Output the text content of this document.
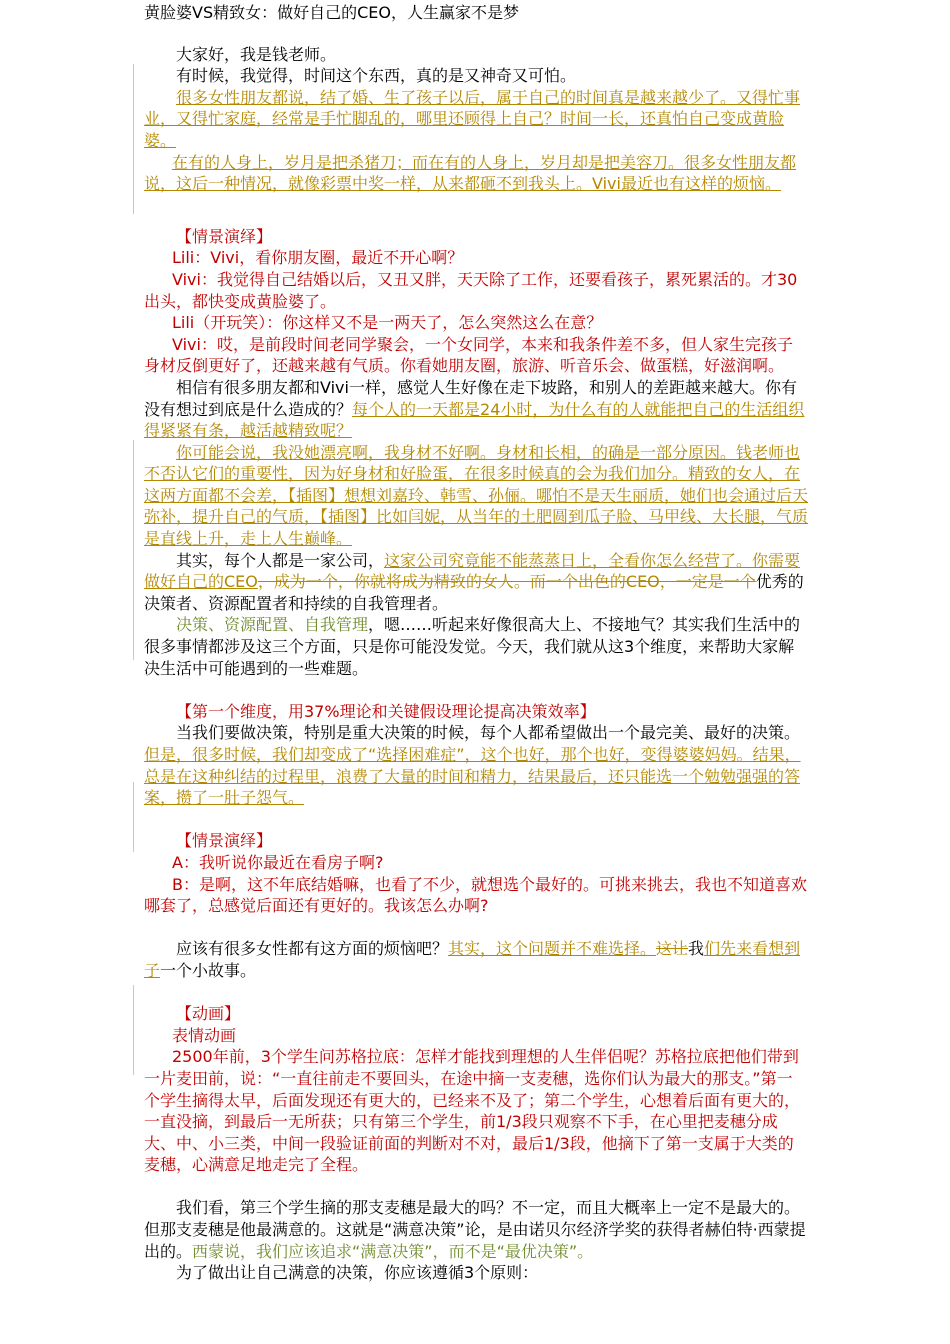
黄脸婆VS精致女：做好自己的CEO，人生赢家不是梦

大家好，我是钱老师。

有时候，我觉得，时间这个东西，真的是又神奇又可怕。

很多女性朋友都说，结了婚、生了孩子以后，属于自己的时间真是越来越少了。又得忙事业，又得忙家庭，经常是手忙脚乱的，哪里还顾得上自己？时间一长，还真怕自己变成黄脸婆。

在有的人身上，岁月是把杀猪刀；而在有的人身上，岁月却是把美容刀。很多女性朋友都说，这后一种情况，就像彩票中奖一样，从来都砸不到我头上。Vivi最近也有这样的烦恼。

【情景演绎】

Lili：Vivi，看你朋友圈，最近不开心啊？

Vivi：我觉得自己结婚以后，又丑又胖，天天除了工作，还要看孩子，累死累活的。才30出头，都快变成黄脸婆了。

Lili（开玩笑）：你这样又不是一两天了，怎么突然这么在意？

Vivi：哎，是前段时间老同学聚会，一个女同学，本来和我条件差不多，但人家生完孩子身材反倒更好了，还越来越有气质。你看她朋友圈，旅游、听音乐会、做蛋糕，好滋润啊。

相信有很多朋友都和Vivi一样，感觉人生好像在走下坡路，和别人的差距越来越大。你有没有想过到底是什么造成的？每个人的一天都是24小时，为什么有的人就能把自己的生活组织得紧紧有条，越活越精致呢？

你可能会说，我没她漂亮啊，我身材不好啊。身材和长相，的确是一部分原因。钱老师也不否认它们的重要性，因为好身材和好脸蛋，在很多时候真的会为我们加分。精致的女人，在这两方面都不会差，【插图】想想刘嘉玲、韩雪、孙俪。哪怕不是天生丽质，她们也会通过后天弥补，提升自己的气质，【插图】比如闫妮，从当年的土肥圆到瓜子脸、马甲线、大长腿，气质是直线上升，走上人生巅峰。

其实，每个人都是一家公司，这家公司究竟能不能蒸蒸日上，全看你怎么经营了。你需要做好自己的CEO，成为一个，你就将成为精致的女人。而一个出色的CEO，一定是一个优秀的决策者、资源配置者和持续的自我管理者。

决策、资源配置、自我管理，嗯……听起来好像很高大上、不接地气？其实我们生活中的很多事情都涉及这三个方面，只是你可能没发觉。今天，我们就从这3个维度，来帮助大家解决生活中可能遇到的一些难题。

【第一个维度，用37%理论和关键假设理论提高决策效率】

当我们要做决策，特别是重大决策的时候，每个人都希望做出一个最完美、最好的决策。但是，很多时候，我们却变成了“选择困难症”，这个也好，那个也好，变得婆婆妈妈。结果，总是在这种纠结的过程里，浪费了大量的时间和精力，结果最后，还只能选一个勉勉强强的答案，攒了一肚子怨气。

【情景演绎】

A：我听说你最近在看房子啊?

B：是啊，这不年底结婚嘛，也看了不少，就想选个最好的。可挑来挑去，我也不知道喜欢哪套了，总感觉后面还有更好的。我该怎么办啊?

应该有很多女性都有这方面的烦恼吧？其实，这个问题并不难选择。这让我们先来看想到子一个小故事。

【动画】

表情动画

2500年前，3个学生问苏格拉底：怎样才能找到理想的人生伴侣呢？苏格拉底把他们带到一片麦田前，说：“一直往前走不要回头，在途中摘一支麦穗，选你们认为最大的那支。”第一个学生摘得太早，后面发现还有更大的，已经来不及了；第二个学生，心想着后面有更大的，一直没摘，到最后一无所获；只有第三个学生，前1/3段只观察不下手，在心里把麦穗分成大、中、小三类，中间一段验证前面的判断对不对，最后1/3段，他摘下了第一支属于大类的麦穗，心满意足地走完了全程。

我们看，第三个学生摘的那支麦穗是最大的吗？不一定，而且大概率上一定不是最大的。但那支麦穗是他最满意的。这就是“满意决策”论，是由诺贝尔经济学奖的获得者赫伯特·西蒙提出的。西蒙说，我们应该追求“满意决策”，而不是“最优决策”。

为了做出让自己满意的决策，你应该遵循3个原则：
